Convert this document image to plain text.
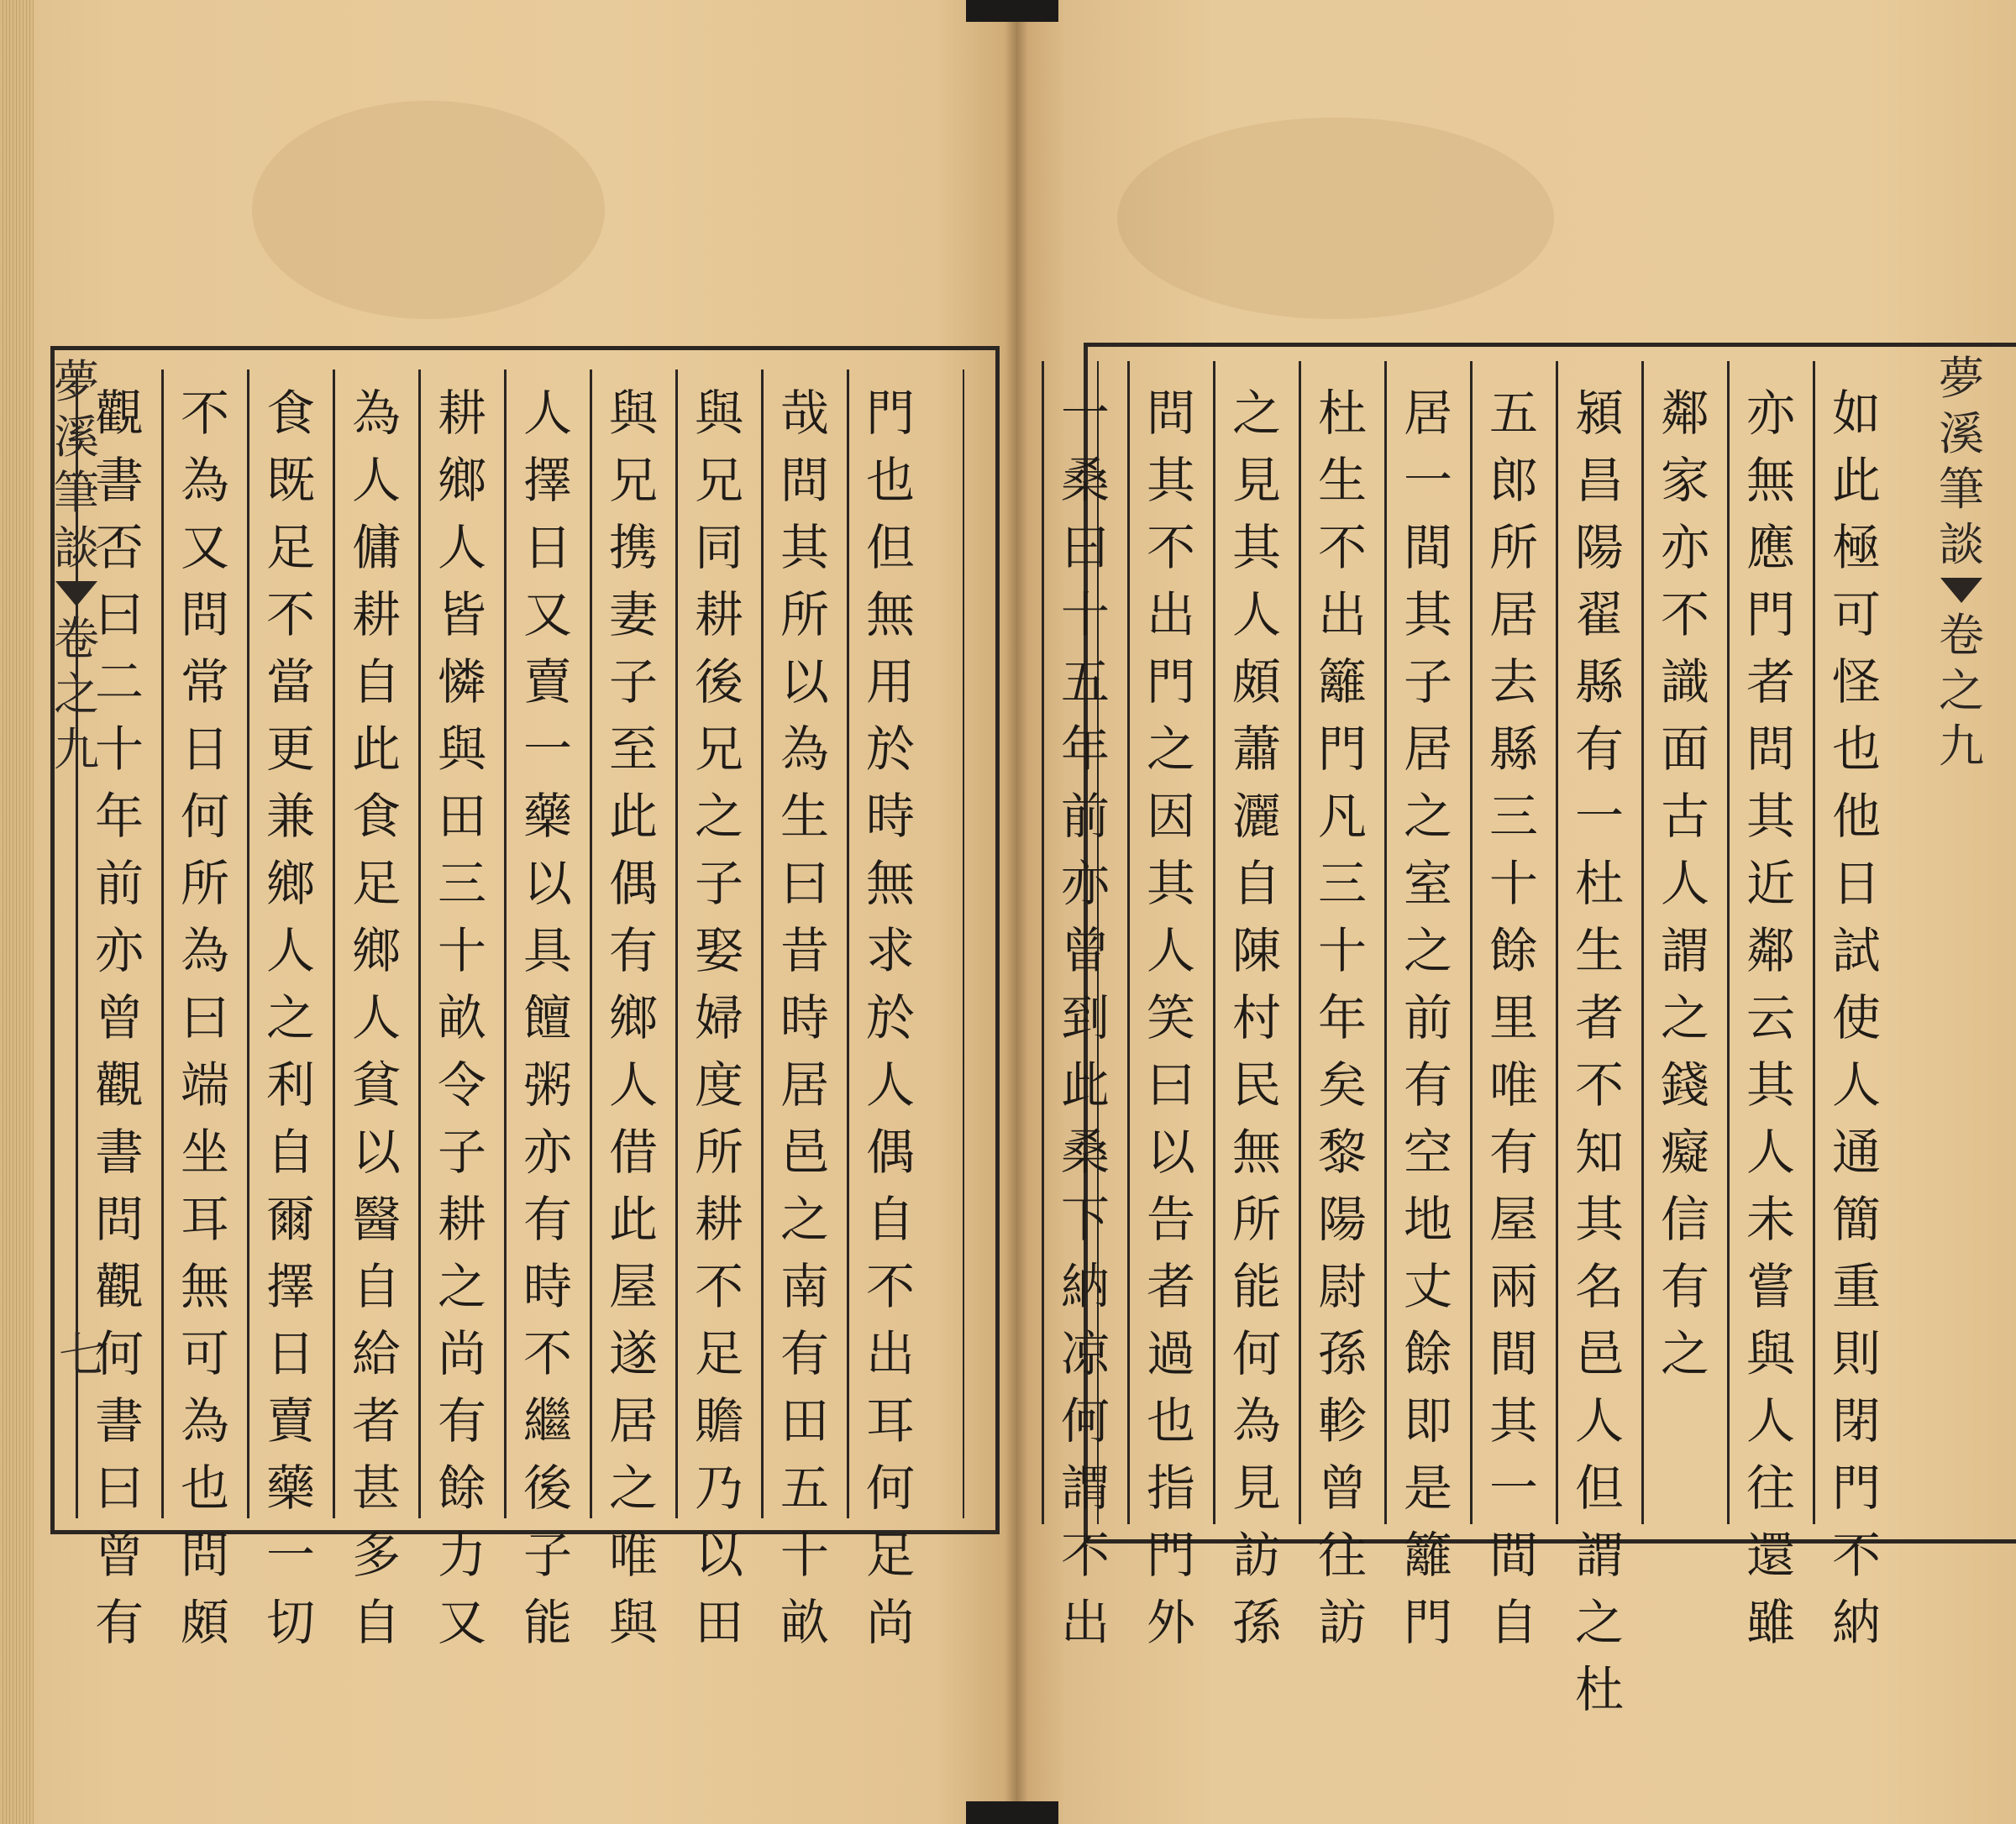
夢
溪
筆
談
卷
之
九
七
門
也
但
無
用
於
時
無
求
於
人
偶
自
不
出
耳
何
足
尚
哉
問
其
所
以
為
生
曰
昔
時
居
邑
之
南
有
田
五
十
畝
與
兄
同
耕
後
兄
之
子
娶
婦
度
所
耕
不
足
贍
乃
以
田
與
兄
携
妻
子
至
此
偶
有
鄉
人
借
此
屋
遂
居
之
唯
與
人
擇
日
又
賣
一
藥
以
具
饘
粥
亦
有
時
不
繼
後
子
能
耕
鄉
人
皆
憐
與
田
三
十
畝
令
子
耕
之
尚
有
餘
力
又
為
人
傭
耕
自
此
食
足
鄉
人
貧
以
醫
自
給
者
甚
多
自
食
既
足
不
當
更
兼
鄉
人
之
利
自
爾
擇
日
賣
藥
一
切
不
為
又
問
常
日
何
所
為
曰
端
坐
耳
無
可
為
也
問
頗
觀
書
否
曰
二
十
年
前
亦
曾
觀
書
問
觀
何
書
曰
曾
有
夢
溪
筆
談
卷
之
九
如
此
極
可
怪
也
他
日
試
使
人
通
簡
重
則
閉
門
不
納
亦
無
應
門
者
問
其
近
鄰
云
其
人
未
嘗
與
人
往
還
雖
鄰
家
亦
不
識
面
古
人
謂
之
錢
癡
信
有
之
潁
昌
陽
翟
縣
有
一
杜
生
者
不
知
其
名
邑
人
但
謂
之
杜
五
郎
所
居
去
縣
三
十
餘
里
唯
有
屋
兩
間
其
一
間
自
居
一
間
其
子
居
之
室
之
前
有
空
地
丈
餘
即
是
籬
門
杜
生
不
出
籬
門
凡
三
十
年
矣
黎
陽
尉
孫
軫
曾
往
訪
之
見
其
人
頗
蕭
灑
自
陳
村
民
無
所
能
何
為
見
訪
孫
問
其
不
出
門
之
因
其
人
笑
曰
以
告
者
過
也
指
門
外
一
桑
曰
十
五
年
前
亦
曾
到
此
桑
下
納
凉
何
謂
不
出
